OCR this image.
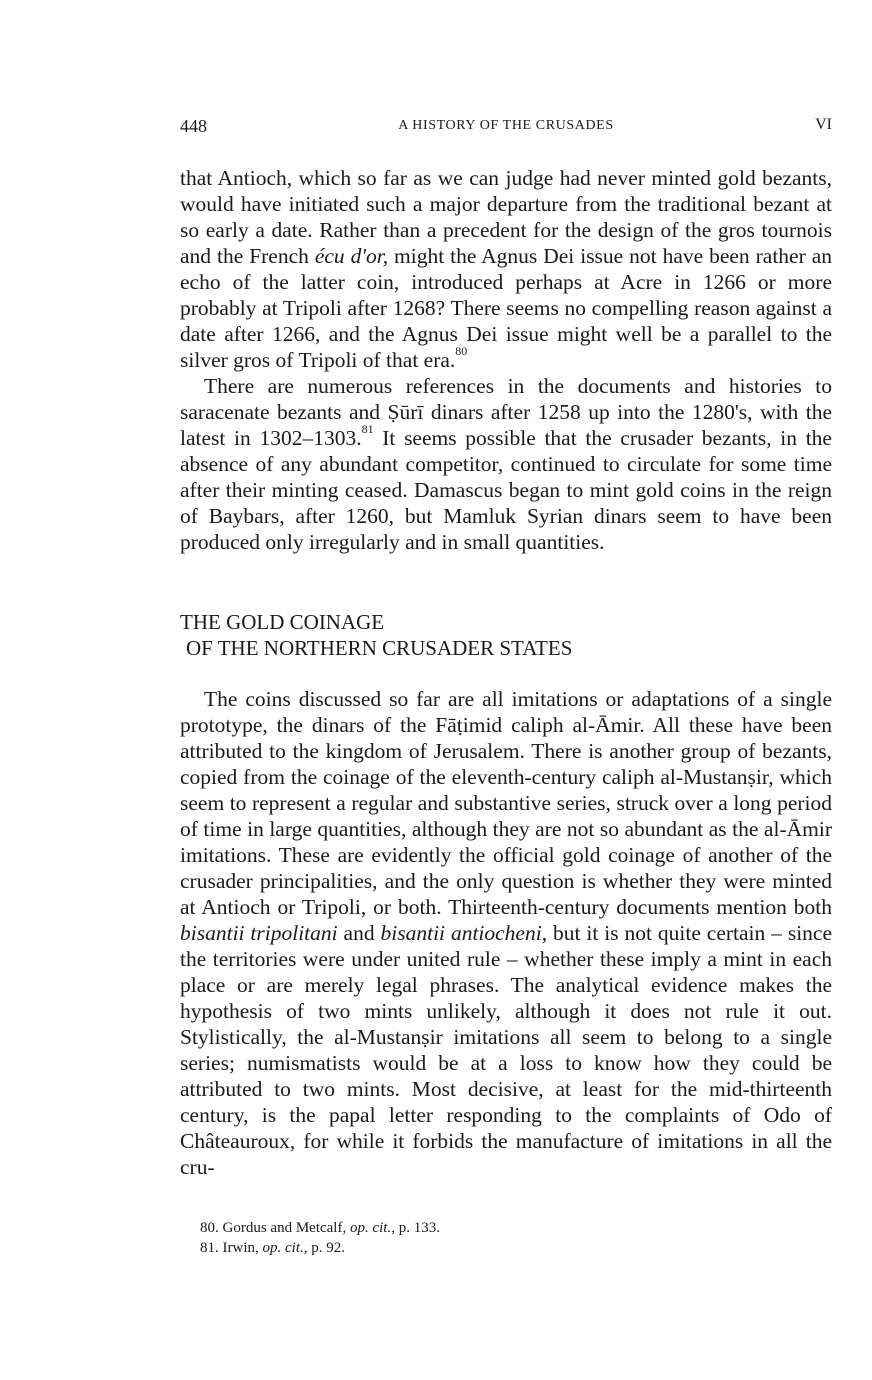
448	A HISTORY OF THE CRUSADES	VI

that Antioch, which so far as we can judge had never minted gold bezants, would have initiated such a major departure from the traditional bezant at so early a date. Rather than a precedent for the design of the gros tournois and the French écu d'or, might the Agnus Dei issue not have been rather an echo of the latter coin, introduced perhaps at Acre in 1266 or more probably at Tripoli after 1268? There seems no compelling reason against a date after 1266, and the Agnus Dei issue might well be a parallel to the silver gros of Tripoli of that era.$^{80}$

There are numerous references in the documents and histories to saracenate bezants and Ṣūrī dinars after 1258 up into the 1280's, with the latest in 1302–1303.81 It seems possible that the crusader bezants, in the absence of any abundant competitor, continued to circulate for some time after their minting ceased. Damascus began to mint gold coins in the reign of Baybars, after 1260, but Mamluk Syrian dinars seem to have been produced only irregularly and in small quantities.

THE GOLD COINAGE
OF THE NORTHERN CRUSADER STATES

The coins discussed so far are all imitations or adaptations of a single prototype, the dinars of the Fāṭimid caliph al-Āmir. All these have been attributed to the kingdom of Jerusalem. There is another group of bezants, copied from the coinage of the eleventh-century caliph al-Mustanṣir, which seem to represent a regular and substantive series, struck over a long period of time in large quantities, although they are not so abundant as the al-Āmir imitations. These are evidently the official gold coinage of another of the crusader principalities, and the only question is whether they were minted at Antioch or Tripoli, or both. Thirteenth-century documents mention both bisantii tripolitani and bisantii antiocheni, but it is not quite certain – since the territories were under united rule – whether these imply a mint in each place or are merely legal phrases. The analytical evidence makes the hypothesis of two mints unlikely, although it does not rule it out. Stylistically, the al-Mustanṣir imitations all seem to belong to a single series; numismatists would be at a loss to know how they could be attributed to two mints. Most decisive, at least for the mid-thirteenth century, is the papal letter responding to the complaints of Odo of Châteauroux, for while it forbids the manufacture of imitations in all the cru-

80. Gordus and Metcalf, op. cit., p. 133.
81. Irwin, op. cit., p. 92.
